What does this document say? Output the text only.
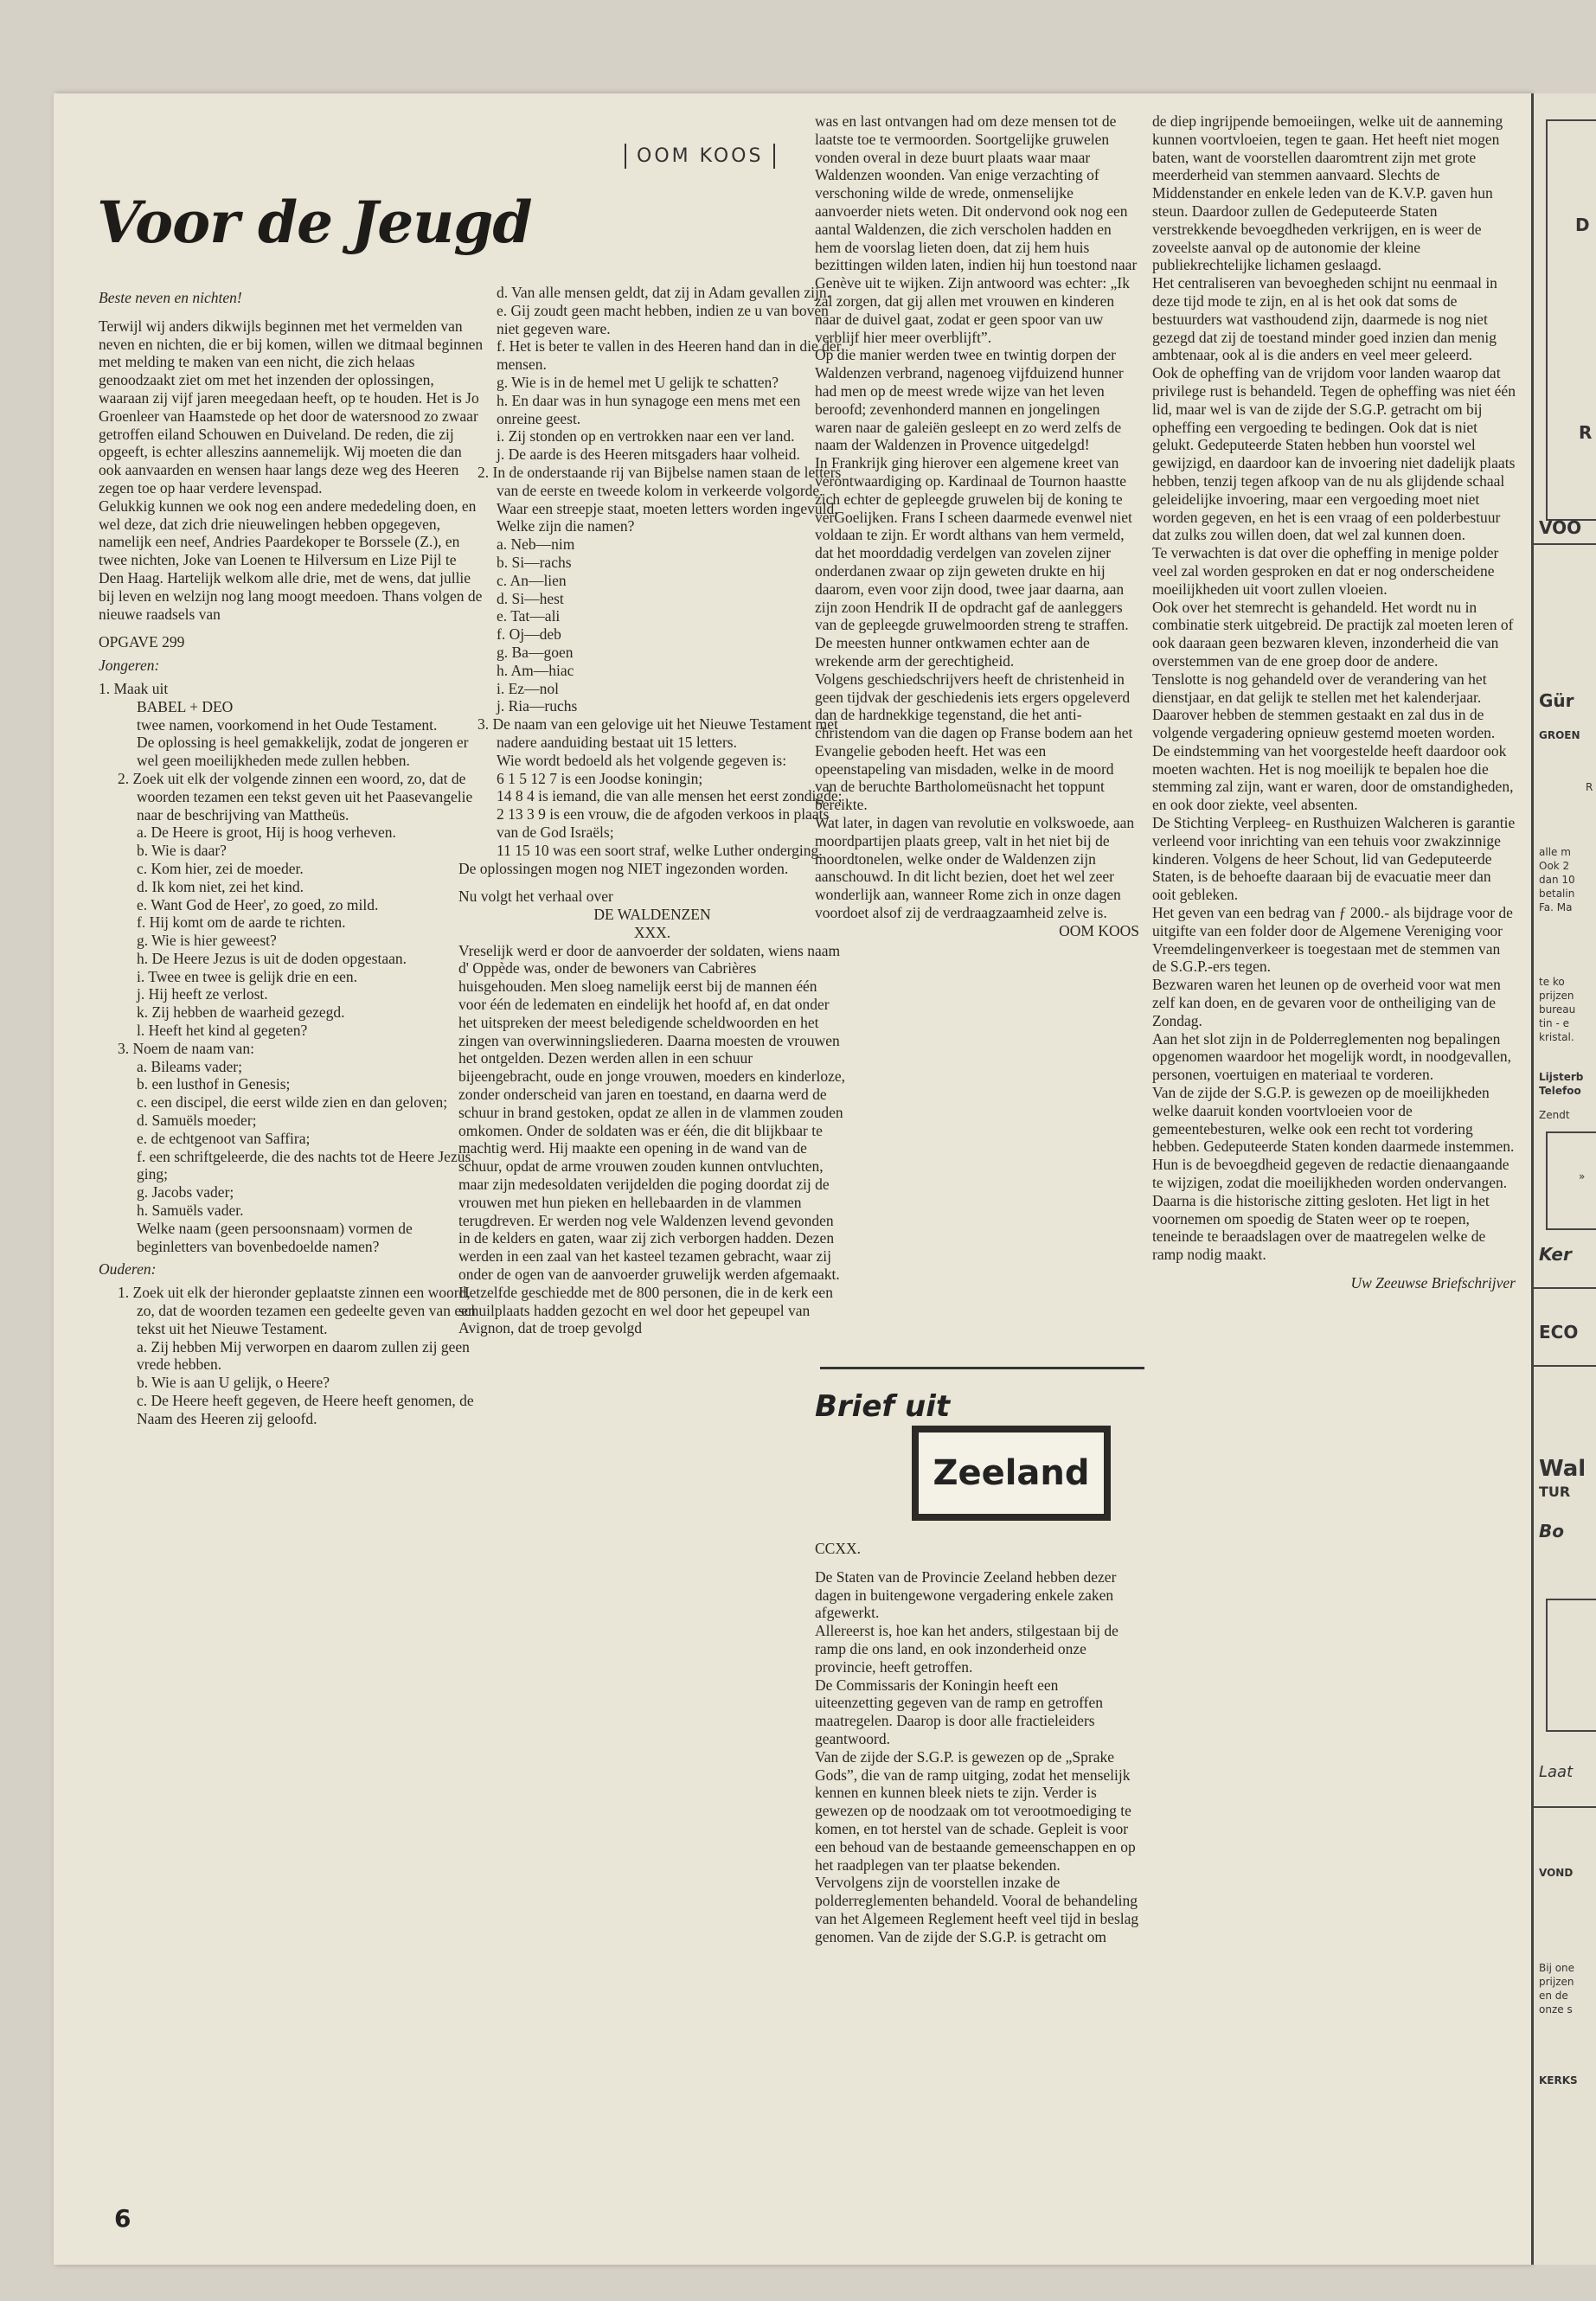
OOM KOOS
Voor de Jeugd

Beste neven en nichten!

Terwijl wij anders dikwijls beginnen met het vermelden van neven en nichten, die er bij komen, willen we ditmaal beginnen met melding te maken van een nicht, die zich helaas genoodzaakt ziet om met het inzenden der oplossingen, waaraan zij vijf jaren meegedaan heeft, op te houden. Het is Jo Groenleer van Haamstede op het door de watersnood zo zwaar getroffen eiland Schouwen en Duiveland. De reden, die zij opgeeft, is echter alleszins aannemelijk. Wij moeten die dan ook aanvaarden en wensen haar langs deze weg des Heeren zegen toe op haar verdere levenspad.

Gelukkig kunnen we ook nog een andere mededeling doen, en wel deze, dat zich drie nieuwelingen hebben opgegeven, namelijk een neef, Andries Paardekoper te Borssele (Z.), en twee nichten, Joke van Loenen te Hilversum en Lize Pijl te Den Haag. Hartelijk welkom alle drie, met de wens, dat jullie bij leven en welzijn nog lang moogt meedoen. Thans volgen de nieuwe raadsels van

OPGAVE 299

Jongeren:

1. Maak uit

BABEL + DEO

twee namen, voorkomend in het Oude Testament.

De oplossing is heel gemakkelijk, zodat de jongeren er wel geen moeilijkheden mede zullen hebben.

2. Zoek uit elk der volgende zinnen een woord, zo, dat de woorden tezamen een tekst geven uit het Paasevangelie naar de beschrijving van Mattheüs.

a. De Heere is groot, Hij is hoog verheven.

b. Wie is daar?

c. Kom hier, zei de moeder.

d. Ik kom niet, zei het kind.

e. Want God de Heer', zo goed, zo mild.

f. Hij komt om de aarde te richten.

g. Wie is hier geweest?

h. De Heere Jezus is uit de doden opgestaan.

i. Twee en twee is gelijk drie en een.

j. Hij heeft ze verlost.

k. Zij hebben de waarheid gezegd.

l. Heeft het kind al gegeten?

3. Noem de naam van:

a. Bileams vader;

b. een lusthof in Genesis;

c. een discipel, die eerst wilde zien en dan geloven;

d. Samuëls moeder;

e. de echtgenoot van Saffira;

f. een schriftgeleerde, die des nachts tot de Heere Jezus ging;

g. Jacobs vader;

h. Samuëls vader.

Welke naam (geen persoonsnaam) vormen de beginletters van bovenbedoelde namen?

Ouderen:

1. Zoek uit elk der hieronder geplaatste zinnen een woord, zo, dat de woorden tezamen een gedeelte geven van een tekst uit het Nieuwe Testament.

a. Zij hebben Mij verworpen en daarom zullen zij geen vrede hebben.

b. Wie is aan U gelijk, o Heere?

c. De Heere heeft gegeven, de Heere heeft genomen, de Naam des Heeren zij geloofd.

d. Van alle mensen geldt, dat zij in Adam gevallen zijn.

e. Gij zoudt geen macht hebben, indien ze u van boven niet gegeven ware.

f. Het is beter te vallen in des Heeren hand dan in die der mensen.

g. Wie is in de hemel met U gelijk te schatten?

h. En daar was in hun synagoge een mens met een onreine geest.

i. Zij stonden op en vertrokken naar een ver land.

j. De aarde is des Heeren mitsgaders haar volheid.

2. In de onderstaande rij van Bijbelse namen staan de letters van de eerste en tweede kolom in verkeerde volgorde. Waar een streepje staat, moeten letters worden ingevuld.

Welke zijn die namen?

a. Neb—nim

b. Si—rachs

c. An—lien

d. Si—hest

e. Tat—ali

f. Oj—deb

g. Ba—goen

h. Am—hiac

i. Ez—nol

j. Ria—ruchs

3. De naam van een gelovige uit het Nieuwe Testament met nadere aanduiding bestaat uit 15 letters.

Wie wordt bedoeld als het volgende gegeven is:

6 1 5 12 7 is een Joodse koningin;

14 8 4 is iemand, die van alle mensen het eerst zondigde;

2 13 3 9 is een vrouw, die de afgoden verkoos in plaats van de God Israëls;

11 15 10 was een soort straf, welke Luther onderging.

De oplossingen mogen nog NIET ingezonden worden.

Nu volgt het verhaal over

DE WALDENZEN

XXX.

Vreselijk werd er door de aanvoerder der soldaten, wiens naam d' Oppède was, onder de bewoners van Cabrières huisgehouden. Men sloeg namelijk eerst bij de mannen één voor één de ledematen en eindelijk het hoofd af, en dat onder het uitspreken der meest beledigende scheldwoorden en het zingen van overwinningsliederen. Daarna moesten de vrouwen het ontgelden. Dezen werden allen in een schuur bijeengebracht, oude en jonge vrouwen, moeders en kinderloze, zonder onderscheid van jaren en toestand, en daarna werd de schuur in brand gestoken, opdat ze allen in de vlammen zouden omkomen. Onder de soldaten was er één, die dit blijkbaar te machtig werd. Hij maakte een opening in de wand van de schuur, opdat de arme vrouwen zouden kunnen ontvluchten, maar zijn medesoldaten verijdelden die poging doordat zij de vrouwen met hun pieken en hellebaarden in de vlammen terugdreven. Er werden nog vele Waldenzen levend gevonden in de kelders en gaten, waar zij zich verborgen hadden. Dezen werden in een zaal van het kasteel tezamen gebracht, waar zij onder de ogen van de aanvoerder gruwelijk werden afgemaakt. Hetzelfde geschiedde met de 800 personen, die in de kerk een schuilplaats hadden gezocht en wel door het gepeupel van Avignon, dat de troep gevolgd

was en last ontvangen had om deze mensen tot de laatste toe te vermoorden. Soortgelijke gruwelen vonden overal in deze buurt plaats waar maar Waldenzen woonden. Van enige verzachting of verschoning wilde de wrede, onmenselijke aanvoerder niets weten. Dit ondervond ook nog een aantal Waldenzen, die zich verscholen hadden en hem de voorslag lieten doen, dat zij hem huis bezittingen wilden laten, indien hij hun toestond naar Genève uit te wijken. Zijn antwoord was echter: „Ik zal zorgen, dat gij allen met vrouwen en kinderen naar de duivel gaat, zodat er geen spoor van uw verblijf hier meer overblijft”.

Op die manier werden twee en twintig dorpen der Waldenzen verbrand, nagenoeg vijfduizend hunner had men op de meest wrede wijze van het leven beroofd; zevenhonderd mannen en jongelingen waren naar de galeiën gesleept en zo werd zelfs de naam der Waldenzen in Provence uitgedelgd!

In Frankrijk ging hierover een algemene kreet van verontwaardiging op. Kardinaal de Tournon haastte zich echter de gepleegde gruwelen bij de koning te verGoelijken. Frans I scheen daarmede evenwel niet voldaan te zijn. Er wordt althans van hem vermeld, dat het moorddadig verdelgen van zovelen zijner onderdanen zwaar op zijn geweten drukte en hij daarom, even voor zijn dood, twee jaar daarna, aan zijn zoon Hendrik II de opdracht gaf de aanleggers van de gepleegde gruwelmoorden streng te straffen. De meesten hunner ontkwamen echter aan de wrekende arm der gerechtigheid.

Volgens geschiedschrijvers heeft de christenheid in geen tijdvak der geschiedenis iets ergers opgeleverd dan de hardnekkige tegenstand, die het anti-christendom van die dagen op Franse bodem aan het Evangelie geboden heeft. Het was een opeenstapeling van misdaden, welke in de moord van de beruchte Bartholomeüsnacht het toppunt bereikte.

Wat later, in dagen van revolutie en volkswoede, aan moordpartijen plaats greep, valt in het niet bij de moordtonelen, welke onder de Waldenzen zijn aanschouwd. In dit licht bezien, doet het wel zeer wonderlijk aan, wanneer Rome zich in onze dagen voordoet alsof zij de verdraagzaamheid zelve is.

OOM KOOS

Brief uit
Zeeland

CCXX.

De Staten van de Provincie Zeeland hebben dezer dagen in buitengewone vergadering enkele zaken afgewerkt.

Allereerst is, hoe kan het anders, stilgestaan bij de ramp die ons land, en ook inzonderheid onze provincie, heeft getroffen.

De Commissaris der Koningin heeft een uiteenzetting gegeven van de ramp en getroffen maatregelen. Daarop is door alle fractieleiders geantwoord.

Van de zijde der S.G.P. is gewezen op de „Sprake Gods”, die van de ramp uitging, zodat het menselijk kennen en kunnen bleek niets te zijn. Verder is gewezen op de noodzaak om tot verootmoediging te komen, en tot herstel van de schade. Gepleit is voor een behoud van de bestaande gemeenschappen en op het raadplegen van ter plaatse bekenden.

Vervolgens zijn de voorstellen inzake de polderreglementen behandeld. Vooral de behandeling van het Algemeen Reglement heeft veel tijd in beslag genomen. Van de zijde der S.G.P. is getracht om

de diep ingrijpende bemoeiingen, welke uit de aanneming kunnen voortvloeien, tegen te gaan. Het heeft niet mogen baten, want de voorstellen daaromtrent zijn met grote meerderheid van stemmen aanvaard. Slechts de Middenstander en enkele leden van de K.V.P. gaven hun steun. Daardoor zullen de Gedeputeerde Staten verstrekkende bevoegdheden verkrijgen, en is weer de zoveelste aanval op de autonomie der kleine publiekrechtelijke lichamen geslaagd.

Het centraliseren van bevoegheden schijnt nu eenmaal in deze tijd mode te zijn, en al is het ook dat soms de bestuurders wat vasthoudend zijn, daarmede is nog niet gezegd dat zij de toestand minder goed inzien dan menig ambtenaar, ook al is die anders en veel meer geleerd.

Ook de opheffing van de vrijdom voor landen waarop dat privilege rust is behandeld. Tegen de opheffing was niet één lid, maar wel is van de zijde der S.G.P. getracht om bij opheffing een vergoeding te bedingen. Ook dat is niet gelukt. Gedeputeerde Staten hebben hun voorstel wel gewijzigd, en daardoor kan de invoering niet dadelijk plaats hebben, tenzij tegen afkoop van de nu als glijdende schaal geleidelijke invoering, maar een vergoeding moet niet worden gegeven, en het is een vraag of een polderbestuur dat zulks zou willen doen, dat wel zal kunnen doen.

Te verwachten is dat over die opheffing in menige polder veel zal worden gesproken en dat er nog onderscheidene moeilijkheden uit voort zullen vloeien.

Ook over het stemrecht is gehandeld. Het wordt nu in combinatie sterk uitgebreid. De practijk zal moeten leren of ook daaraan geen bezwaren kleven, inzonderheid die van overstemmen van de ene groep door de andere.

Tenslotte is nog gehandeld over de verandering van het dienstjaar, en dat gelijk te stellen met het kalenderjaar. Daarover hebben de stemmen gestaakt en zal dus in de volgende vergadering opnieuw gestemd moeten worden.

De eindstemming van het voorgestelde heeft daardoor ook moeten wachten. Het is nog moeilijk te bepalen hoe die stemming zal zijn, want er waren, door de omstandigheden, en ook door ziekte, veel absenten.

De Stichting Verpleeg- en Rusthuizen Walcheren is garantie verleend voor inrichting van een tehuis voor zwakzinnige kinderen. Volgens de heer Schout, lid van Gedeputeerde Staten, is de behoefte daaraan bij de evacuatie meer dan ooit gebleken.

Het geven van een bedrag van ƒ 2000.- als bijdrage voor de uitgifte van een folder door de Algemene Vereniging voor Vreemdelingenverkeer is toegestaan met de stemmen van de S.G.P.-ers tegen.

Bezwaren waren het leunen op de overheid voor wat men zelf kan doen, en de gevaren voor de ontheiliging van de Zondag.

Aan het slot zijn in de Polderreglementen nog bepalingen opgenomen waardoor het mogelijk wordt, in noodgevallen, personen, voertuigen en materiaal te vorderen.

Van de zijde der S.G.P. is gewezen op de moeilijkheden welke daaruit konden voortvloeien voor de gemeentebesturen, welke ook een recht tot vordering hebben. Gedeputeerde Staten konden daarmede instemmen. Hun is de bevoegdheid gegeven de redactie dienaangaande te wijzigen, zodat die moeilijkheden worden ondervangen.

Daarna is die historische zitting gesloten. Het ligt in het voornemen om spoedig de Staten weer op te roepen, teneinde te beraadslagen over de maatregelen welke de ramp nodig maakt.

Uw Zeeuwse Briefschrijver

6
D
R
VOO
Gür
GROEN
R
alle m
Ook 2
dan 10
betalin
Fa. Ma
te ko
prijzen
bureau
tin - e
kristal.
Lijsterb
Telefoo
Zendt
»
Ker
ECO
Wal
TUR
Bo
Laat
VOND
Bij one
prijzen
en de
onze s
KERKS
